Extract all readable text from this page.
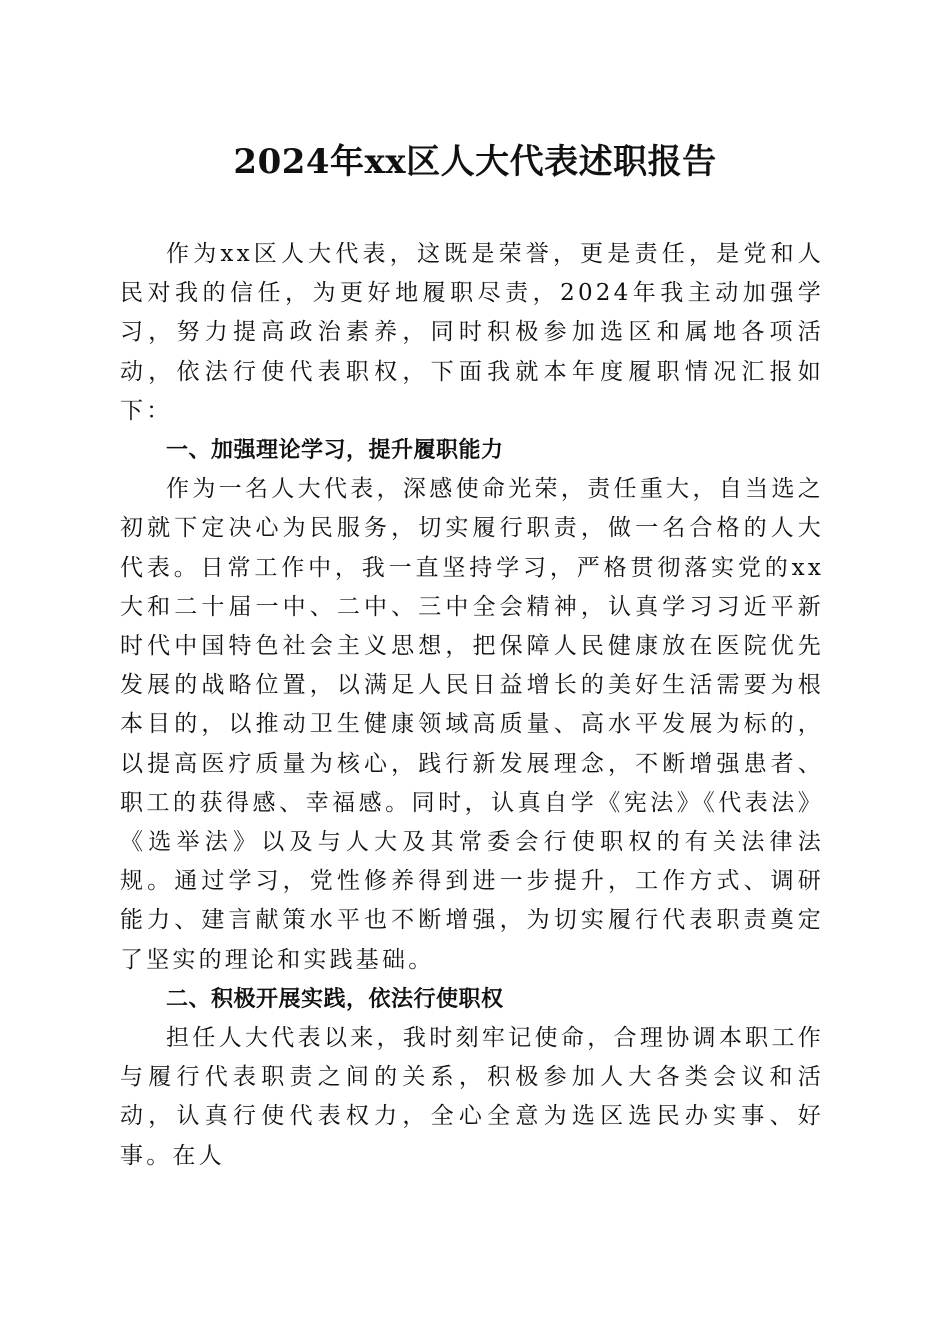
2024年xx区人大代表述职报告

作为xx区人大代表，这既是荣誉，更是责任，是党和人民对我的信任，为更好地履职尽责，2024年我主动加强学习，努力提高政治素养，同时积极参加选区和属地各项活动，依法行使代表职权，下面我就本年度履职情况汇报如下：

一、加强理论学习，提升履职能力

作为一名人大代表，深感使命光荣，责任重大，自当选之初就下定决心为民服务，切实履行职责，做一名合格的人大代表。日常工作中，我一直坚持学习，严格贯彻落实党的xx大和二十届一中、二中、三中全会精神，认真学习习近平新时代中国特色社会主义思想，把保障人民健康放在医院优先发展的战略位置，以满足人民日益增长的美好生活需要为根本目的，以推动卫生健康领域高质量、高水平发展为标的，以提高医疗质量为核心，践行新发展理念，不断增强患者、职工的获得感、幸福感。同时，认真自学《宪法》《代表法》《选举法》以及与人大及其常委会行使职权的有关法律法规。通过学习，党性修养得到进一步提升，工作方式、调研能力、建言献策水平也不断增强，为切实履行代表职责奠定了坚实的理论和实践基础。

二、积极开展实践，依法行使职权

担任人大代表以来，我时刻牢记使命，合理协调本职工作与履行代表职责之间的关系，积极参加人大各类会议和活动，认真行使代表权力，全心全意为选区选民办实事、好事。在人
